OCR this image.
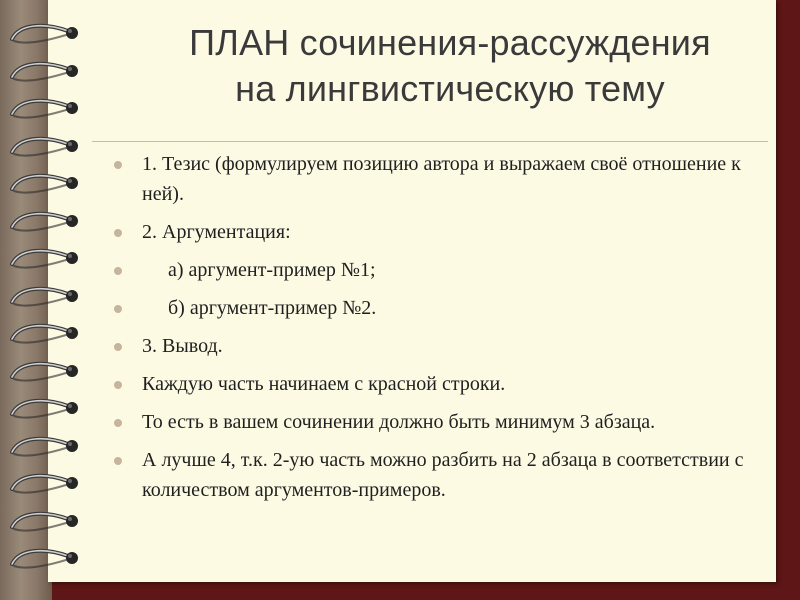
ПЛАН сочинения-рассуждения
на лингвистическую тему
1. Тезис (формулируем позицию автора и выражаем своё отношение к ней).
2. Аргументация:
а) аргумент-пример №1;
б) аргумент-пример №2.
3. Вывод.
Каждую часть начинаем с красной строки.
То есть в вашем сочинении должно быть минимум 3 абзаца.
А лучше 4, т.к. 2-ую часть можно разбить на 2 абзаца в соответствии с количеством аргументов-примеров.
